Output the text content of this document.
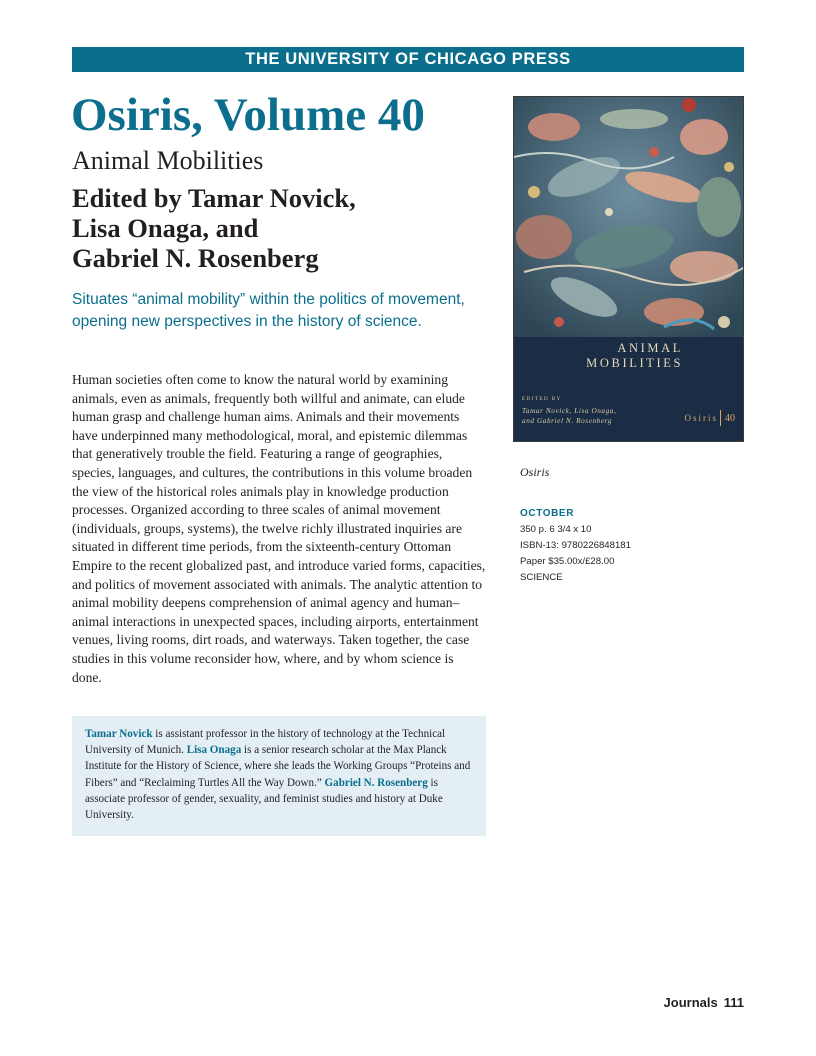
THE UNIVERSITY OF CHICAGO PRESS
Osiris, Volume 40
Animal Mobilities
Edited by Tamar Novick,
Lisa Onaga, and
Gabriel N. Rosenberg
Situates “animal mobility” within the politics of movement, opening new perspectives in the history of science.
Human societies often come to know the natural world by examining animals, even as animals, frequently both willful and animate, can elude human grasp and challenge human aims. Animals and their movements have underpinned many methodological, moral, and epistemic dilemmas that generatively trouble the field. Featuring a range of geographies, species, languages, and cultures, the contributions in this volume broaden the view of the historical roles animals play in knowledge production processes. Organized according to three scales of animal movement (individuals, groups, systems), the twelve richly illustrated inquiries are situated in different time periods, from the sixteenth-century Ottoman Empire to the recent globalized past, and introduce varied forms, capacities, and politics of movement associated with animals. The analytic attention to animal mobility deepens comprehension of animal agency and human–animal interactions in unexpected spaces, including airports, entertainment venues, living rooms, dirt roads, and waterways. Taken together, the case studies in this volume reconsider how, where, and by whom science is done.
Tamar Novick is assistant professor in the history of technology at the Technical University of Munich. Lisa Onaga is a senior research scholar at the Max Planck Institute for the History of Science, where she leads the Working Groups “Proteins and Fibers” and “Reclaiming Turtles All the Way Down.” Gabriel N. Rosenberg is associate professor of gender, sexuality, and feminist studies and history at Duke University.
ANIMAL
MOBILITIES
EDITED BY
Tamar Novick, Lisa Onaga,
and Gabriel N. Rosenberg	Osiris 40
Osiris
OCTOBER
350 p. 6 3/4 x 10
ISBN-13: 9780226848181
Paper $35.00x/£28.00
SCIENCE
Journals 111
